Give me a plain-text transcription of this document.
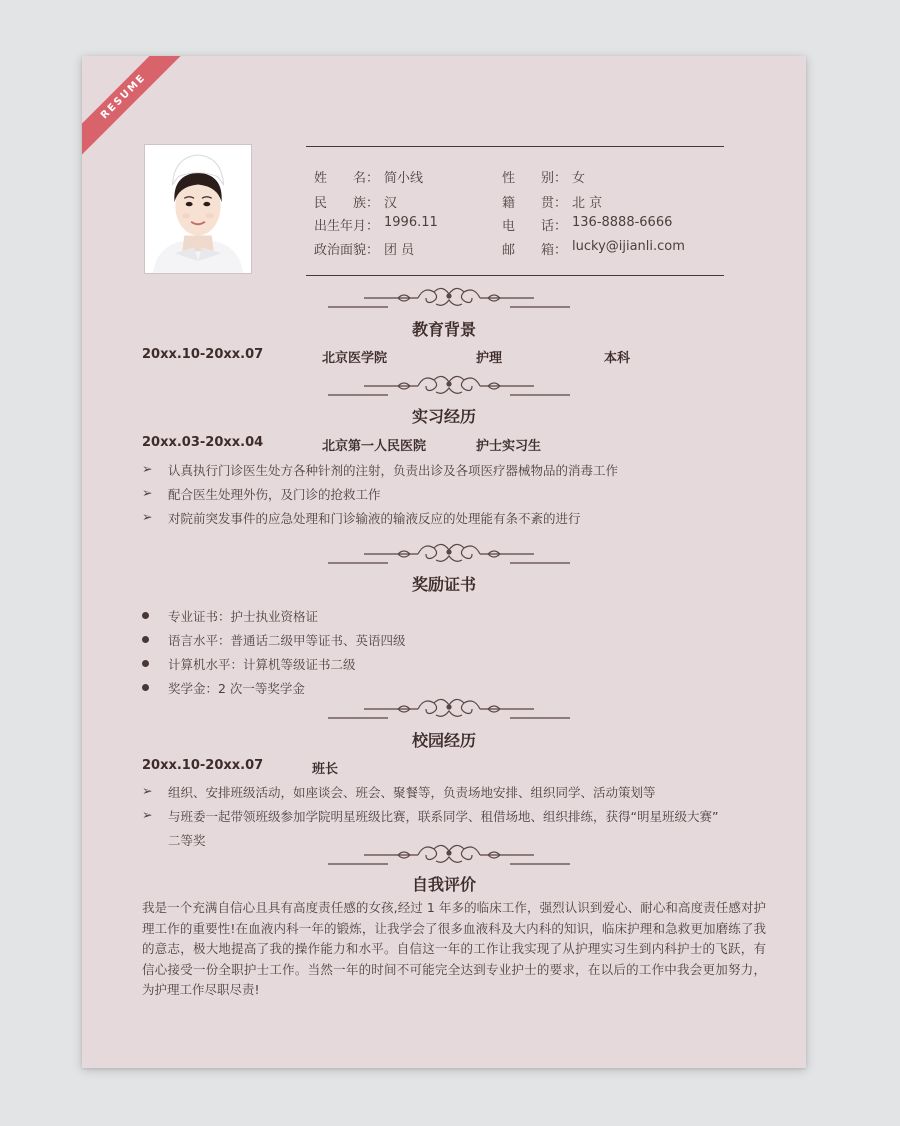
RESUME
姓　　名： 简小线	性　　别： 女
民　　族： 汉	籍　　贯： 北 京
出生年月： 1996.11	电　　话： 136-8888-6666
政治面貌： 团 员	邮　　箱： lucky@ijianli.com
教育背景
20xx.10-20xx.07	北京医学院	护理	本科
实习经历
20xx.03-20xx.04	北京第一人民医院	护士实习生
➢ 认真执行门诊医生处方各种针剂的注射，负责出诊及各项医疗器械物品的消毒工作
➢ 配合医生处理外伤，及门诊的抢救工作
➢ 对院前突发事件的应急处理和门诊输液的输液反应的处理能有条不紊的进行
奖励证书
专业证书：护士执业资格证
语言水平：普通话二级甲等证书、英语四级
计算机水平：计算机等级证书二级
奖学金：2 次一等奖学金
校园经历
20xx.10-20xx.07	班长
➢ 组织、安排班级活动，如座谈会、班会、聚餐等，负责场地安排、组织同学、活动策划等
➢ 与班委一起带领班级参加学院明星班级比赛，联系同学、租借场地、组织排练，获得“明星班级大赛”
二等奖
自我评价
我是一个充满自信心且具有高度责任感的女孩,经过 1 年多的临床工作，强烈认识到爱心、耐心和高度责任感对护理工作的重要性!在血液内科一年的锻炼，让我学会了很多血液科及大内科的知识，临床护理和急救更加磨练了我的意志，极大地提高了我的操作能力和水平。自信这一年的工作让我实现了从护理实习生到内科护士的飞跃，有信心接受一份全职护士工作。当然一年的时间不可能完全达到专业护士的要求，在以后的工作中我会更加努力，为护理工作尽职尽责!
